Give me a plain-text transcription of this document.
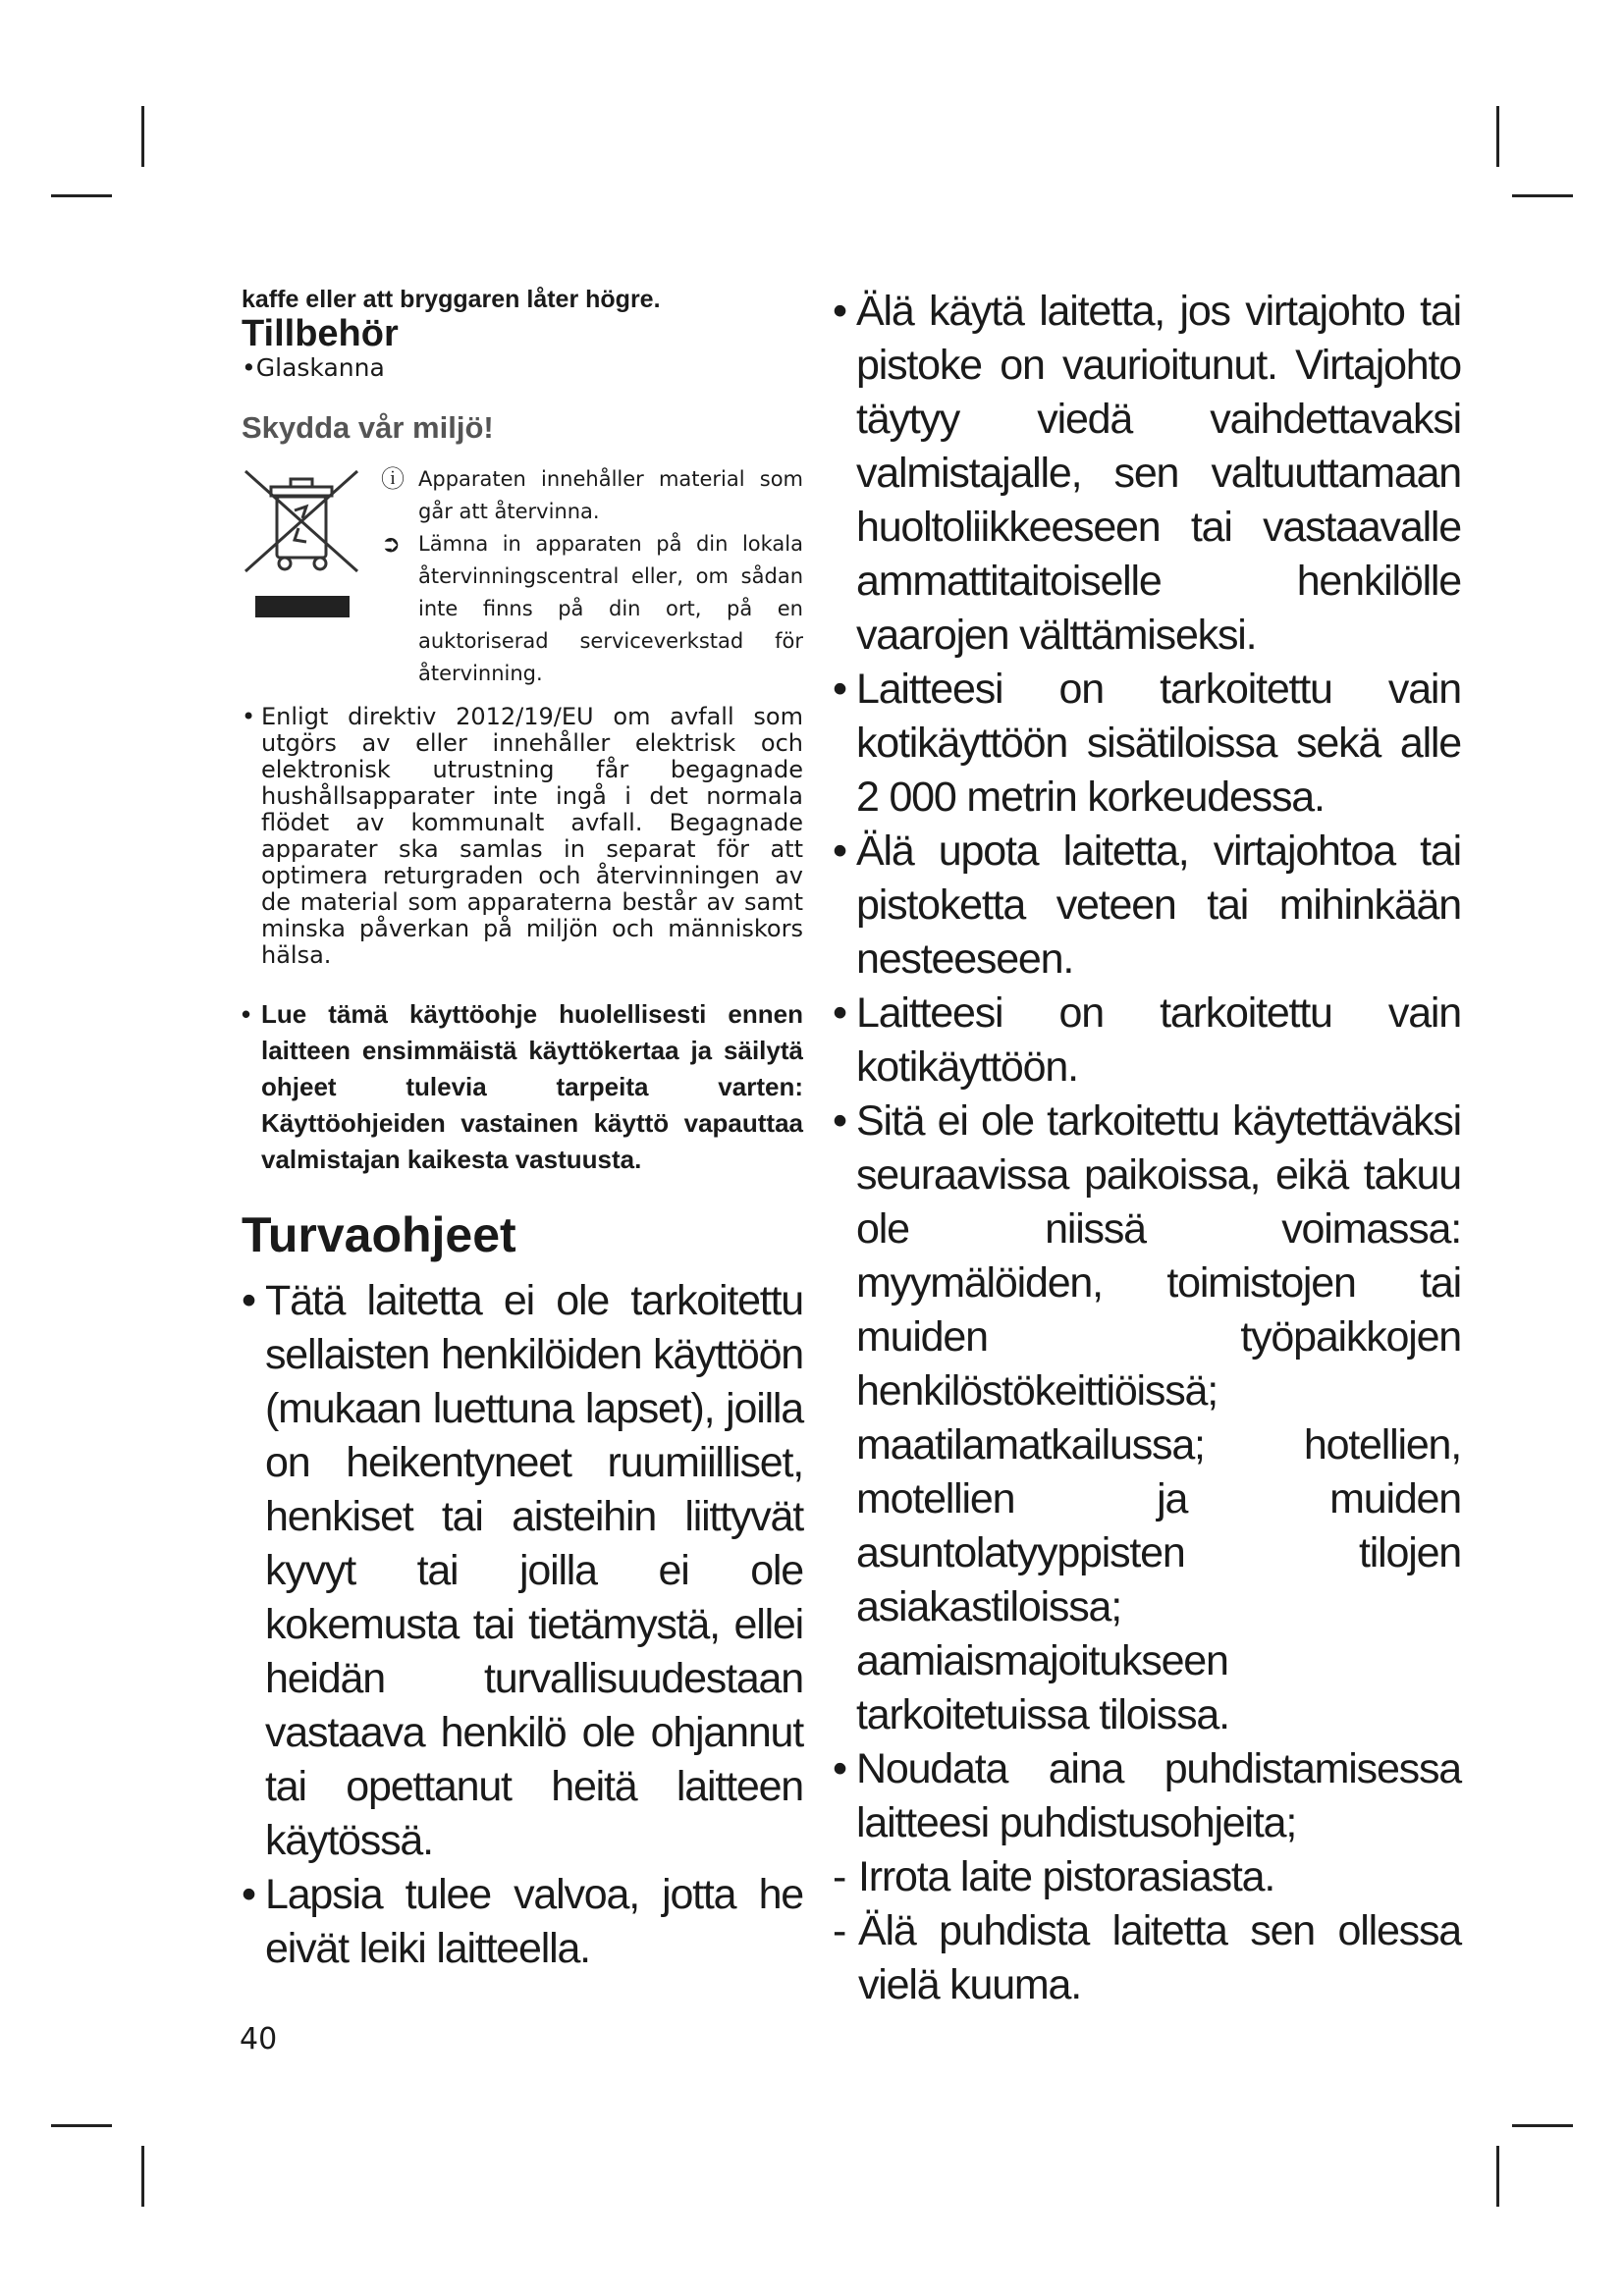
kaffe eller att bryggaren låter högre.

Tillbehör

•Glaskanna

Skydda vår miljö!
ⓘ Apparaten innehåller material som går att återvinna.
➲ Lämna in apparaten på din lokala återvinningscentral eller, om sådan inte finns på din ort, på en auktoriserad serviceverkstad för återvinning.
• Enligt direktiv 2012/19/EU om avfall som utgörs av eller innehåller elektrisk och elektronisk utrustning får begagnade hushållsapparater inte ingå i det normala flödet av kommunalt avfall. Begagnade apparater ska samlas in separat för att optimera returgraden och återvinningen av de material som apparaterna består av samt minska påverkan på miljön och människors hälsa.
• Lue tämä käyttöohje huolellisesti ennen laitteen ensimmäistä käyttökertaa ja säilytä ohjeet tulevia tarpeita varten: Käyttöohjeiden vastainen käyttö vapauttaa valmistajan kaikesta vastuusta.
Turvaohjeet
• Tätä laitetta ei ole tarkoitettu sellaisten henkilöiden käyttöön (mukaan luettuna lapset), joilla on heikentyneet ruumiilliset, henkiset tai aisteihin liittyvät kyvyt tai joilla ei ole kokemusta tai tietämystä, ellei heidän turvallisuudestaan vastaava henkilö ole ohjannut tai opettanut heitä laitteen käytössä.
• Lapsia tulee valvoa, jotta he eivät leiki laitteella.
• Älä käytä laitetta, jos virtajohto tai pistoke on vaurioitunut. Virtajohto täytyy viedä vaihdettavaksi valmistajalle, sen valtuuttamaan huoltoliikkeeseen tai vastaavalle ammattitaitoiselle henkilölle vaarojen välttämiseksi.
• Laitteesi on tarkoitettu vain kotikäyttöön sisätiloissa sekä alle 2 000 metrin korkeudessa.
• Älä upota laitetta, virtajohtoa tai pistoketta veteen tai mihinkään nesteeseen.
• Laitteesi on tarkoitettu vain kotikäyttöön.
• Sitä ei ole tarkoitettu käytettäväksi seuraavissa paikoissa, eikä takuu ole niissä voimassa: myymälöiden, toimistojen tai muiden työpaikkojen henkilöstökeittiöissä; maatilamatkailussa; hotellien, motellien ja muiden asuntolatyyppisten tilojen asiakastiloissa; aamiaismajoitukseen tarkoitetuissa tiloissa.
• Noudata aina puhdistamisessa laitteesi puhdistusohjeita;
- Irrota laite pistorasiasta.
- Älä puhdista laitetta sen ollessa vielä kuuma.

40
